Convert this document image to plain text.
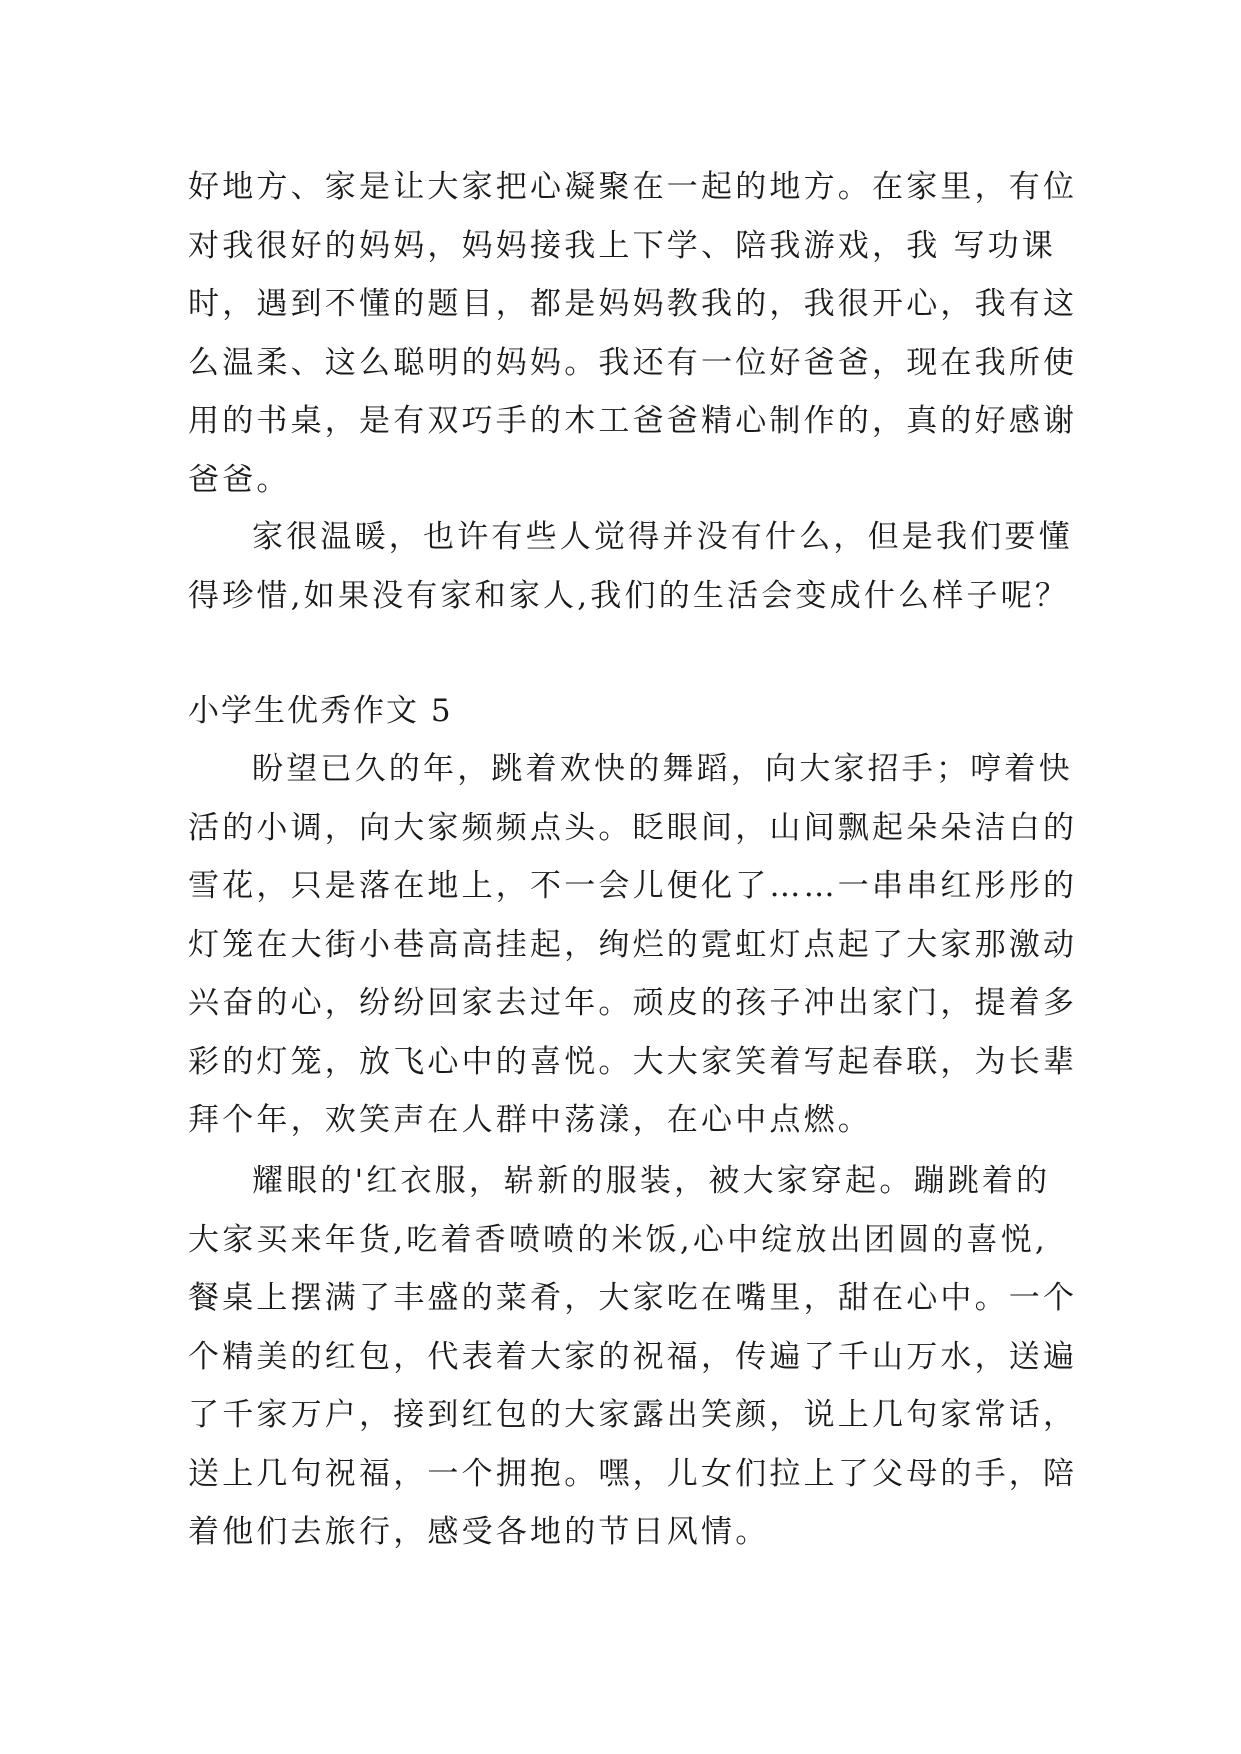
好地方、家是让大家把心凝聚在一起的地方。在家里，有位
对我很好的妈妈，妈妈接我上下学、陪我游戏，我 写功课
时，遇到不懂的题目，都是妈妈教我的，我很开心，我有这
么温柔、这么聪明的妈妈。我还有一位好爸爸，现在我所使
用的书桌，是有双巧手的木工爸爸精心制作的，真的好感谢
爸爸。
家很温暖，也许有些人觉得并没有什么，但是我们要懂
得珍惜,如果没有家和家人,我们的生活会变成什么样子呢？
小学生优秀作文 5
盼望已久的年，跳着欢快的舞蹈，向大家招手；哼着快
活的小调，向大家频频点头。眨眼间，山间飘起朵朵洁白的
雪花，只是落在地上，不一会儿便化了……一串串红彤彤的
灯笼在大街小巷高高挂起，绚烂的霓虹灯点起了大家那激动
兴奋的心，纷纷回家去过年。顽皮的孩子冲出家门，提着多
彩的灯笼，放飞心中的喜悦。大大家笑着写起春联，为长辈
拜个年，欢笑声在人群中荡漾，在心中点燃。
耀眼的'红衣服，崭新的服装，被大家穿起。蹦跳着的
大家买来年货,吃着香喷喷的米饭,心中绽放出团圆的喜悦,
餐桌上摆满了丰盛的菜肴，大家吃在嘴里，甜在心中。一个
个精美的红包，代表着大家的祝福，传遍了千山万水，送遍
了千家万户，接到红包的大家露出笑颜，说上几句家常话，
送上几句祝福，一个拥抱。嘿，儿女们拉上了父母的手，陪
着他们去旅行，感受各地的节日风情。
